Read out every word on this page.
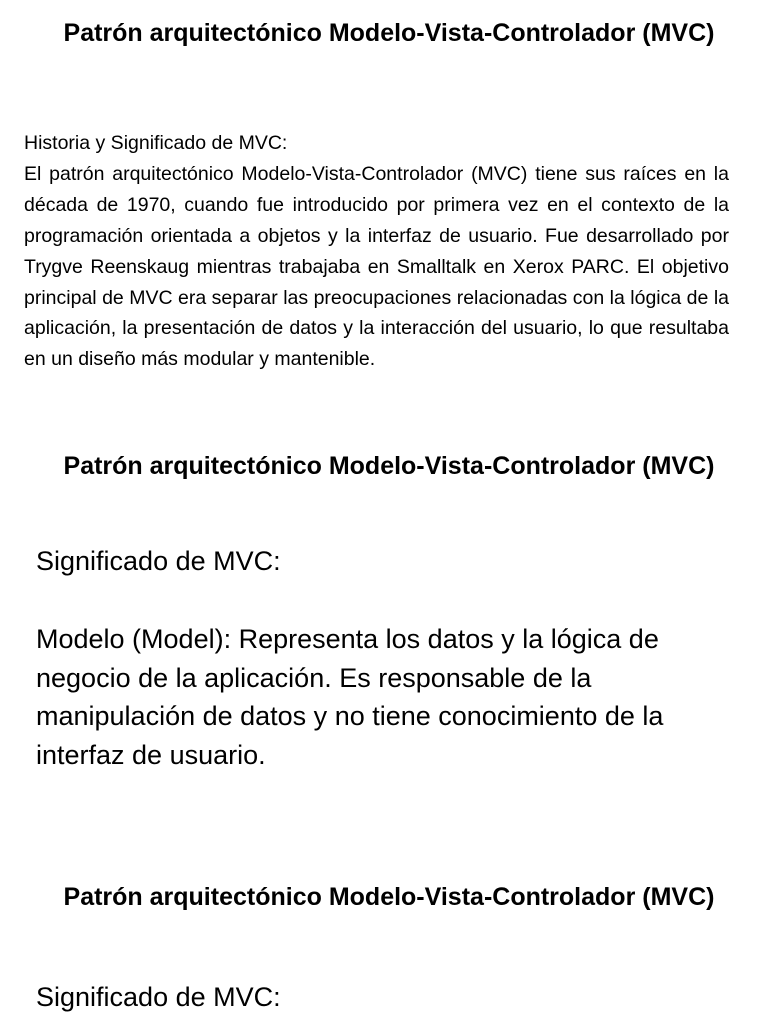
Patrón arquitectónico Modelo-Vista-Controlador (MVC)

Historia y Significado de MVC:
El patrón arquitectónico Modelo-Vista-Controlador (MVC) tiene sus raíces en la década de 1970, cuando fue introducido por primera vez en el contexto de la programación orientada a objetos y la interfaz de usuario. Fue desarrollado por Trygve Reenskaug mientras trabajaba en Smalltalk en Xerox PARC. El objetivo principal de MVC era separar las preocupaciones relacionadas con la lógica de la aplicación, la presentación de datos y la interacción del usuario, lo que resultaba en un diseño más modular y mantenible.

Patrón arquitectónico Modelo-Vista-Controlador (MVC)

Significado de MVC:

Modelo (Model): Representa los datos y la lógica de negocio de la aplicación. Es responsable de la manipulación de datos y no tiene conocimiento de la interfaz de usuario.

Patrón arquitectónico Modelo-Vista-Controlador (MVC)

Significado de MVC:
